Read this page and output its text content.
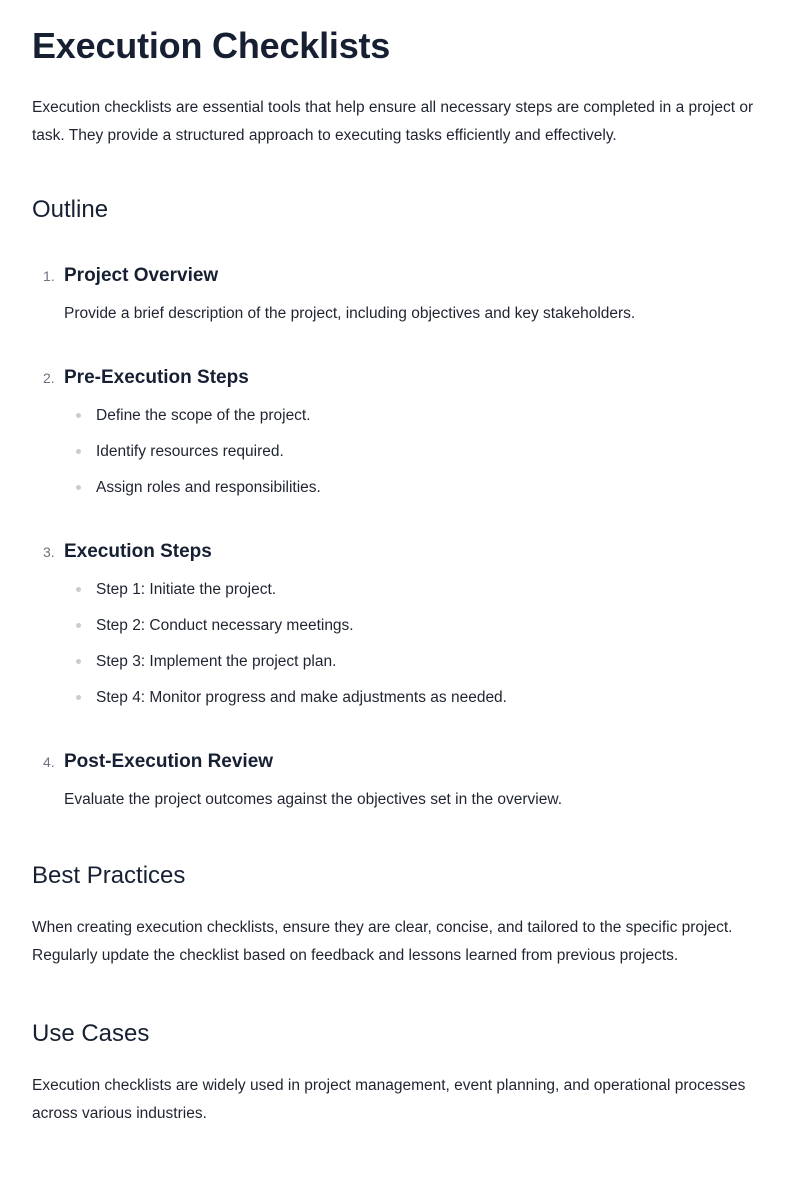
Execution Checklists

Execution checklists are essential tools that help ensure all necessary steps are completed in a project or task. They provide a structured approach to executing tasks efficiently and effectively.

Outline
1. Project Overview

Provide a brief description of the project, including objectives and key stakeholders.

2. Pre-Execution Steps
Define the scope of the project.
Identify resources required.
Assign roles and responsibilities.
3. Execution Steps
Step 1: Initiate the project.
Step 2: Conduct necessary meetings.
Step 3: Implement the project plan.
Step 4: Monitor progress and make adjustments as needed.
4. Post-Execution Review

Evaluate the project outcomes against the objectives set in the overview.

Best Practices

When creating execution checklists, ensure they are clear, concise, and tailored to the specific project. Regularly update the checklist based on feedback and lessons learned from previous projects.

Use Cases

Execution checklists are widely used in project management, event planning, and operational processes across various industries.
